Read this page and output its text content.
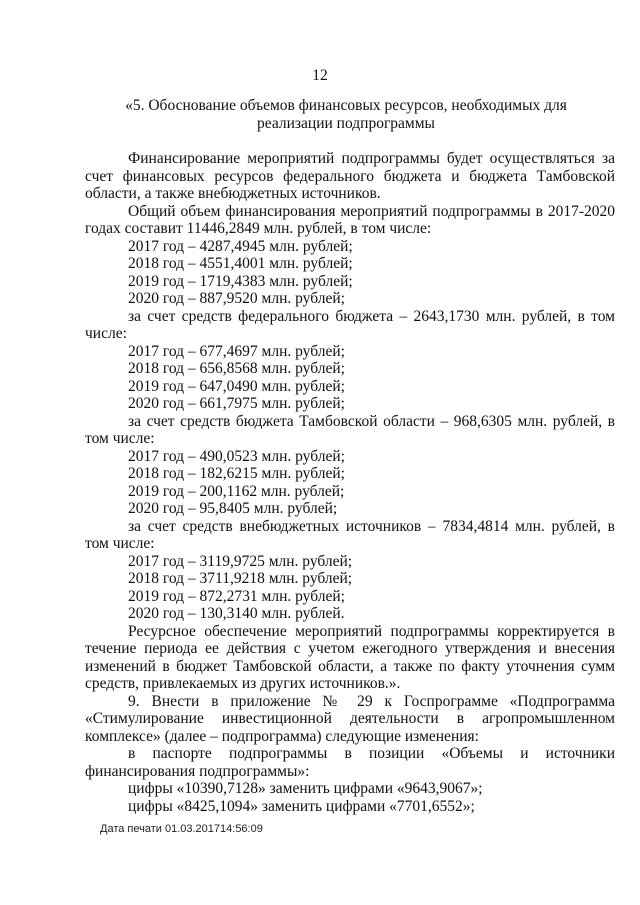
12
«5. Обоснование объемов финансовых ресурсов, необходимых для реализации подпрограммы

Финансирование мероприятий подпрограммы будет осуществляться за счет финансовых ресурсов федерального бюджета и бюджета Тамбовской области, а также внебюджетных источников.

Общий объем финансирования мероприятий подпрограммы в 2017-2020 годах составит 11446,2849 млн. рублей, в том числе:

2017 год – 4287,4945 млн. рублей;

2018 год – 4551,4001 млн. рублей;

2019 год – 1719,4383 млн. рублей;

2020 год – 887,9520 млн. рублей;

за счет средств федерального бюджета – 2643,1730 млн. рублей, в том числе:

2017 год – 677,4697 млн. рублей;

2018 год – 656,8568 млн. рублей;

2019 год – 647,0490 млн. рублей;

2020 год – 661,7975 млн. рублей;

за счет средств бюджета Тамбовской области – 968,6305 млн. рублей, в том числе:

2017 год – 490,0523 млн. рублей;

2018 год – 182,6215 млн. рублей;

2019 год – 200,1162 млн. рублей;

2020 год – 95,8405 млн. рублей;

за счет средств внебюджетных источников – 7834,4814 млн. рублей, в том числе:

2017 год – 3119,9725 млн. рублей;

2018 год – 3711,9218 млн. рублей;

2019 год – 872,2731 млн. рублей;

2020 год – 130,3140 млн. рублей.

Ресурсное обеспечение мероприятий подпрограммы корректируется в течение периода ее действия с учетом ежегодного утверждения и внесения изменений в бюджет Тамбовской области, а также по факту уточнения сумм средств, привлекаемых из других источников.».

9. Внести в приложение № 29 к Госпрограмме «Подпрограмма «Стимулирование инвестиционной деятельности в агропромышленном комплексе» (далее – подпрограмма) следующие изменения:

в паспорте подпрограммы в позиции «Объемы и источники финансирования подпрограммы»:

цифры «10390,7128» заменить цифрами «9643,9067»;

цифры «8425,1094» заменить цифрами «7701,6552»;

Дата печати 01.03.201714:56:09
